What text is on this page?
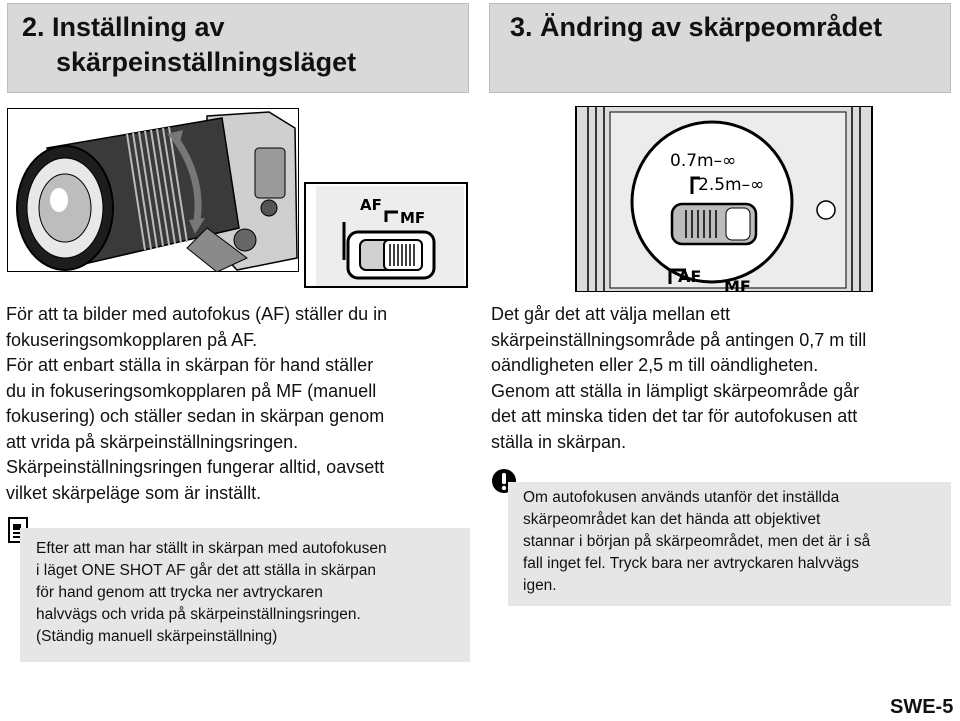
2. Inställning av
skärpeinställningsläget
3. Ändring av skärpeområdet
AF
MF
0.7m–∞
2.5m–∞
AF
MF
För att ta bilder med autofokus (AF) ställer du in
fokuseringsomkopplaren på AF.
För att enbart ställa in skärpan för hand ställer
du in fokuseringsomkopplaren på MF (manuell
fokusering) och ställer sedan in skärpan genom
att vrida på skärpeinställningsringen.
Skärpeinställningsringen fungerar alltid, oavsett
vilket skärpeläge som är inställt.
Efter att man har ställt in skärpan med autofokusen
i läget ONE SHOT AF går det att ställa in skärpan
för hand genom att trycka ner avtryckaren
halvvägs och vrida på skärpeinställningsringen.
(Ständig manuell skärpeinställning)
Det går det att välja mellan ett
skärpeinställningsområde på antingen 0,7 m till
oändligheten eller 2,5 m till oändligheten.
Genom att ställa in lämpligt skärpeområde går
det att minska tiden det tar för autofokusen att
ställa in skärpan.
Om autofokusen används utanför det inställda
skärpeområdet kan det hända att objektivet
stannar i början på skärpeområdet, men det är i så
fall inget fel. Tryck bara ner avtryckaren halvvägs
igen.
SWE-5
